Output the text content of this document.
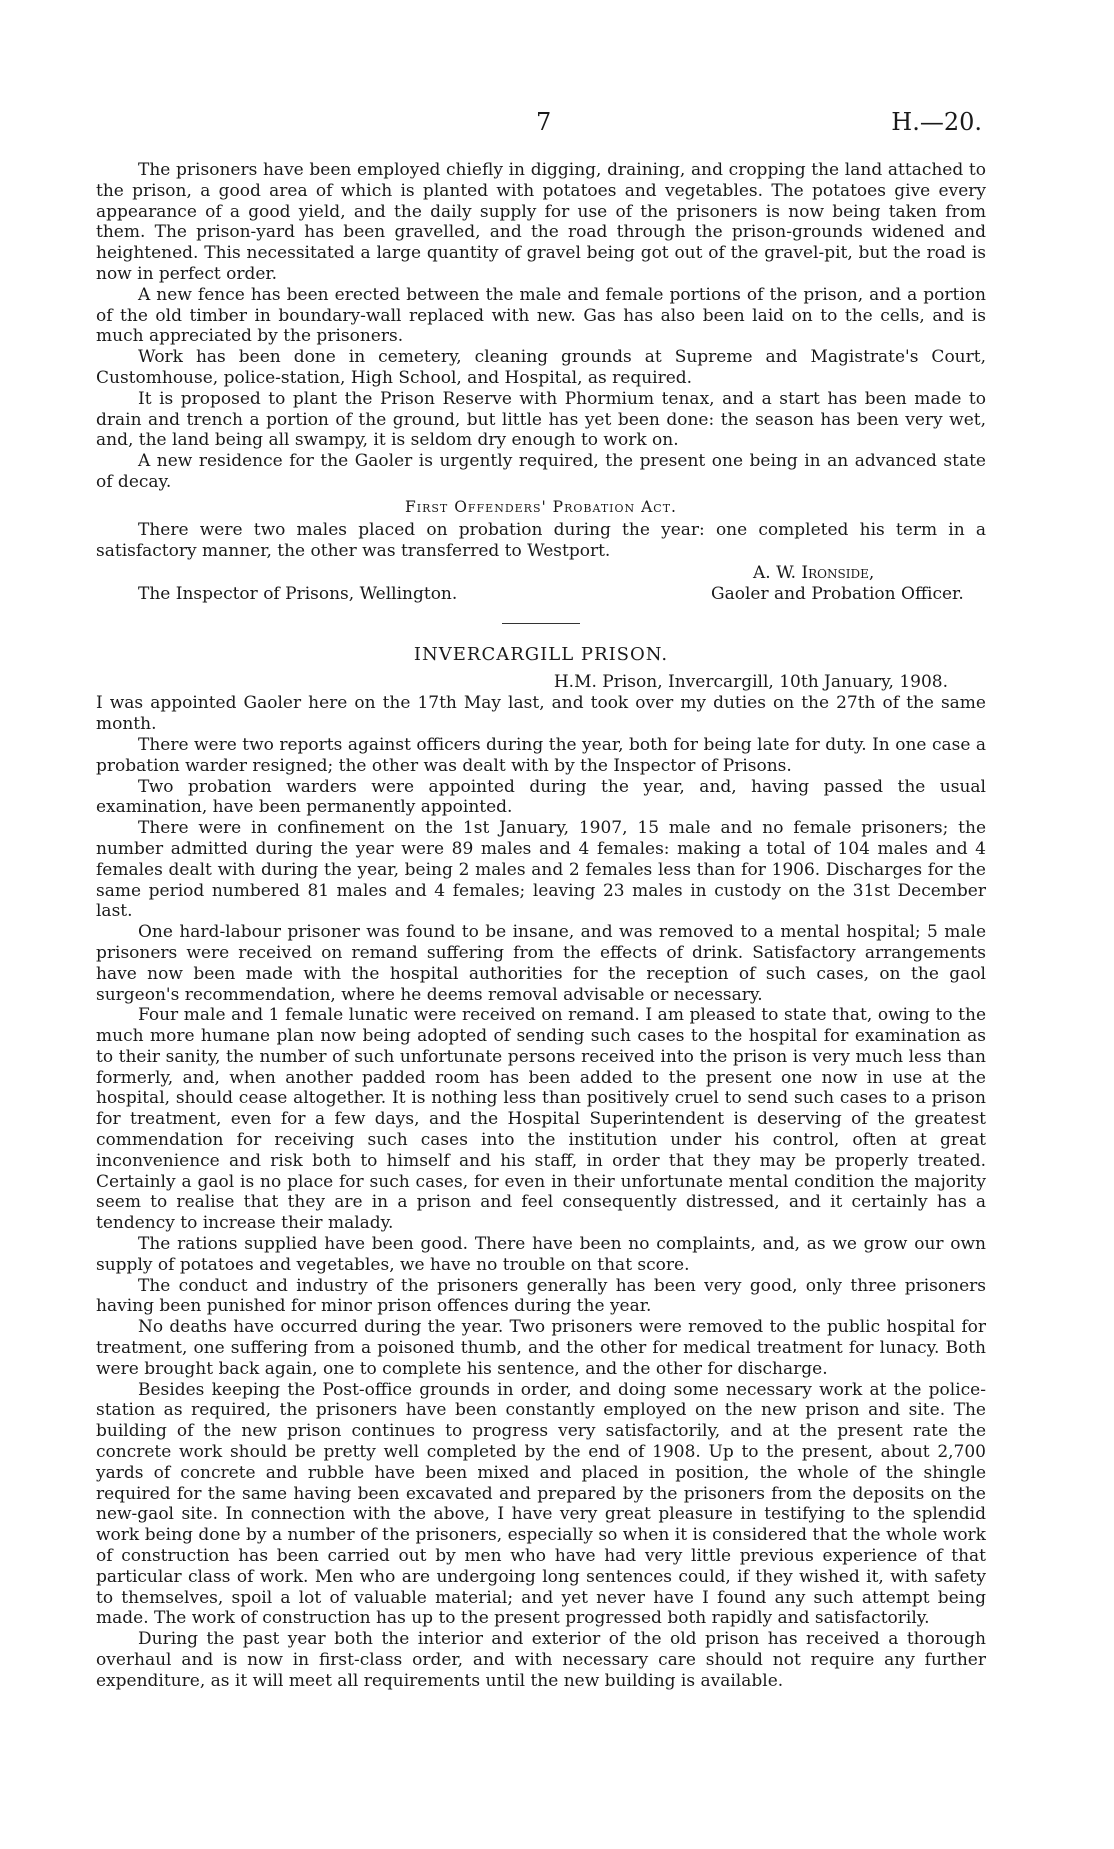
7	H.—20.

The prisoners have been employed chiefly in digging, draining, and cropping the land attached to the prison, a good area of which is planted with potatoes and vegetables. The potatoes give every appearance of a good yield, and the daily supply for use of the prisoners is now being taken from them. The prison-yard has been gravelled, and the road through the prison-grounds widened and heightened. This necessitated a large quantity of gravel being got out of the gravel-pit, but the road is now in perfect order.

A new fence has been erected between the male and female portions of the prison, and a portion of the old timber in boundary-wall replaced with new. Gas has also been laid on to the cells, and is much appreciated by the prisoners.

Work has been done in cemetery, cleaning grounds at Supreme and Magistrate's Court, Customhouse, police-station, High School, and Hospital, as required.

It is proposed to plant the Prison Reserve with Phormium tenax, and a start has been made to drain and trench a portion of the ground, but little has yet been done: the season has been very wet, and, the land being all swampy, it is seldom dry enough to work on.

A new residence for the Gaoler is urgently required, the present one being in an advanced state of decay.

First Offenders' Probation Act.

There were two males placed on probation during the year: one completed his term in a satisfactory manner, the other was transferred to Westport.

The Inspector of Prisons, Wellington.
A. W. Ironside,
Gaoler and Probation Officer.
INVERCARGILL PRISON.
H.M. Prison, Invercargill, 10th January, 1908.

I was appointed Gaoler here on the 17th May last, and took over my duties on the 27th of the same month.

There were two reports against officers during the year, both for being late for duty. In one case a probation warder resigned; the other was dealt with by the Inspector of Prisons.

Two probation warders were appointed during the year, and, having passed the usual examination, have been permanently appointed.

There were in confinement on the 1st January, 1907, 15 male and no female prisoners; the number admitted during the year were 89 males and 4 females: making a total of 104 males and 4 females dealt with during the year, being 2 males and 2 females less than for 1906. Discharges for the same period numbered 81 males and 4 females; leaving 23 males in custody on the 31st December last.

One hard-labour prisoner was found to be insane, and was removed to a mental hospital; 5 male prisoners were received on remand suffering from the effects of drink. Satisfactory arrangements have now been made with the hospital authorities for the reception of such cases, on the gaol surgeon's recommendation, where he deems removal advisable or necessary.

Four male and 1 female lunatic were received on remand. I am pleased to state that, owing to the much more humane plan now being adopted of sending such cases to the hospital for examination as to their sanity, the number of such unfortunate persons received into the prison is very much less than formerly, and, when another padded room has been added to the present one now in use at the hospital, should cease altogether. It is nothing less than positively cruel to send such cases to a prison for treatment, even for a few days, and the Hospital Superintendent is deserving of the greatest commendation for receiving such cases into the institution under his control, often at great inconvenience and risk both to himself and his staff, in order that they may be properly treated. Certainly a gaol is no place for such cases, for even in their unfortunate mental condition the majority seem to realise that they are in a prison and feel consequently distressed, and it certainly has a tendency to increase their malady.

The rations supplied have been good. There have been no complaints, and, as we grow our own supply of potatoes and vegetables, we have no trouble on that score.

The conduct and industry of the prisoners generally has been very good, only three prisoners having been punished for minor prison offences during the year.

No deaths have occurred during the year. Two prisoners were removed to the public hospital for treatment, one suffering from a poisoned thumb, and the other for medical treatment for lunacy. Both were brought back again, one to complete his sentence, and the other for discharge.

Besides keeping the Post-office grounds in order, and doing some necessary work at the police-station as required, the prisoners have been constantly employed on the new prison and site. The building of the new prison continues to progress very satisfactorily, and at the present rate the concrete work should be pretty well completed by the end of 1908. Up to the present, about 2,700 yards of concrete and rubble have been mixed and placed in position, the whole of the shingle required for the same having been excavated and prepared by the prisoners from the deposits on the new-gaol site. In connection with the above, I have very great pleasure in testifying to the splendid work being done by a number of the prisoners, especially so when it is considered that the whole work of construction has been carried out by men who have had very little previous experience of that particular class of work. Men who are undergoing long sentences could, if they wished it, with safety to themselves, spoil a lot of valuable material; and yet never have I found any such attempt being made. The work of construction has up to the present progressed both rapidly and satisfactorily.

During the past year both the interior and exterior of the old prison has received a thorough overhaul and is now in first-class order, and with necessary care should not require any further expenditure, as it will meet all requirements until the new building is available.
